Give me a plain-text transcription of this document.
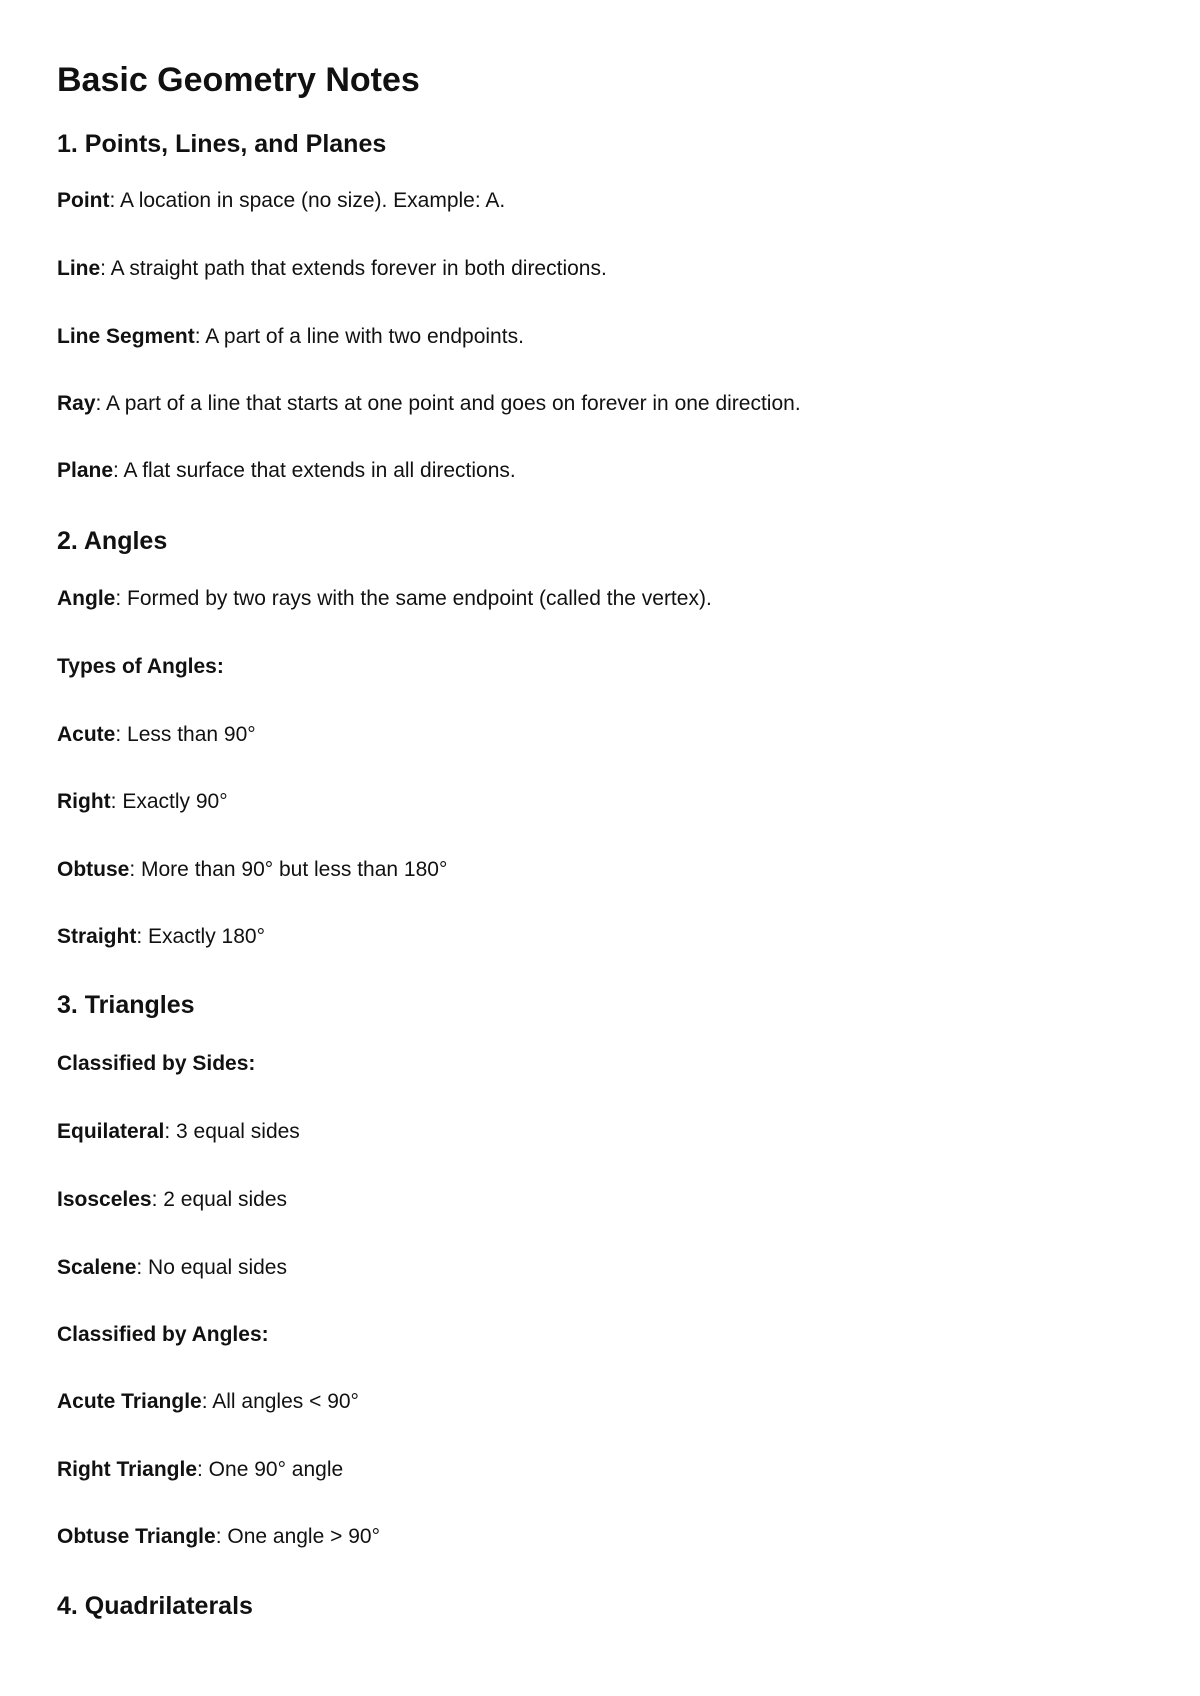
Basic Geometry Notes
1. Points, Lines, and Planes

Point: A location in space (no size). Example: A.

Line: A straight path that extends forever in both directions.

Line Segment: A part of a line with two endpoints.

Ray: A part of a line that starts at one point and goes on forever in one direction.

Plane: A flat surface that extends in all directions.

2. Angles

Angle: Formed by two rays with the same endpoint (called the vertex).

Types of Angles:

Acute: Less than 90°

Right: Exactly 90°

Obtuse: More than 90° but less than 180°

Straight: Exactly 180°

3. Triangles

Classified by Sides:

Equilateral: 3 equal sides

Isosceles: 2 equal sides

Scalene: No equal sides

Classified by Angles:

Acute Triangle: All angles < 90°

Right Triangle: One 90° angle

Obtuse Triangle: One angle > 90°

4. Quadrilaterals
